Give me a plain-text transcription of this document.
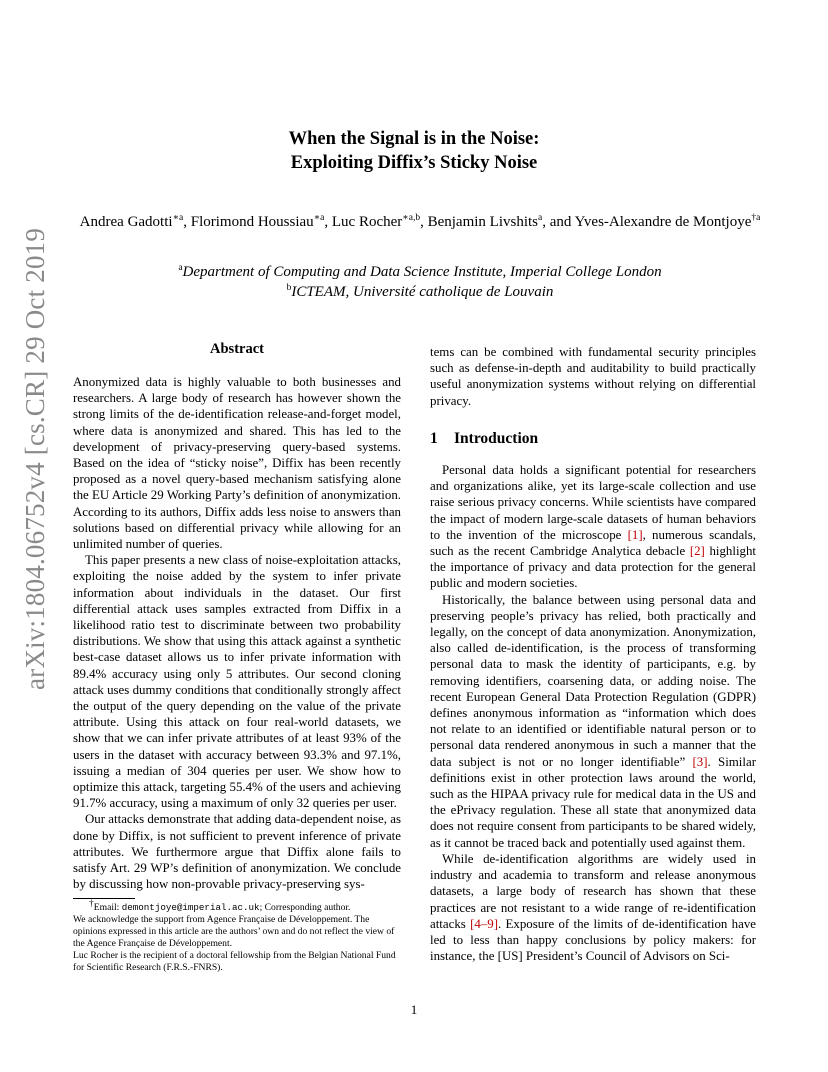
arXiv:1804.06752v4 [cs.CR] 29 Oct 2019
When the Signal is in the Noise:
Exploiting Diffix’s Sticky Noise
Andrea Gadotti$^{∗a}$, Florimond Houssiau$^{∗a}$, Luc Rocher$^{∗a,b}$, Benjamin Livshits$^a$, and Yves-Alexandre de Montjoye$^{\dagger a}$
$^a$Department of Computing and Data Science Institute, Imperial College London
$^b$ICTEAM, Université catholique de Louvain
Abstract

Anonymized data is highly valuable to both businesses and researchers. A large body of research has however shown the strong limits of the de-identification release-and-forget model, where data is anonymized and shared. This has led to the development of privacy-preserving query-based systems. Based on the idea of “sticky noise”, Diffix has been recently proposed as a novel query-based mechanism satisfying alone the EU Article 29 Working Party’s definition of anonymization. According to its authors, Diffix adds less noise to answers than solutions based on differential privacy while allowing for an unlimited number of queries.

This paper presents a new class of noise-exploitation attacks, exploiting the noise added by the system to infer private information about individuals in the dataset. Our first differential attack uses samples extracted from Diffix in a likelihood ratio test to discriminate between two probability distributions. We show that using this attack against a synthetic best-case dataset allows us to infer private information with 89.4% accuracy using only 5 attributes. Our second cloning attack uses dummy conditions that conditionally strongly affect the output of the query depending on the value of the private attribute. Using this attack on four real-world datasets, we show that we can infer private attributes of at least 93% of the users in the dataset with accuracy between 93.3% and 97.1%, issuing a median of 304 queries per user. We show how to optimize this attack, targeting 55.4% of the users and achieving 91.7% accuracy, using a maximum of only 32 queries per user.

Our attacks demonstrate that adding data-dependent noise, as done by Diffix, is not sufficient to prevent inference of private attributes. We furthermore argue that Diffix alone fails to satisfy Art. 29 WP’s definition of anonymization. We conclude by discussing how non-provable privacy-preserving sys-

tems can be combined with fundamental security principles such as defense-in-depth and auditability to build practically useful anonymization systems without relying on differential privacy.

1 Introduction

Personal data holds a significant potential for researchers and organizations alike, yet its large-scale collection and use raise serious privacy concerns. While scientists have compared the impact of modern large-scale datasets of human behaviors to the invention of the microscope [1], numerous scandals, such as the recent Cambridge Analytica debacle [2] highlight the importance of privacy and data protection for the general public and modern societies.

Historically, the balance between using personal data and preserving people’s privacy has relied, both practically and legally, on the concept of data anonymization. Anonymization, also called de-identification, is the process of transforming personal data to mask the identity of participants, e.g. by removing identifiers, coarsening data, or adding noise. The recent European General Data Protection Regulation (GDPR) defines anonymous information as “information which does not relate to an identified or identifiable natural person or to personal data rendered anonymous in such a manner that the data subject is not or no longer identifiable” [3]. Similar definitions exist in other protection laws around the world, such as the HIPAA privacy rule for medical data in the US and the ePrivacy regulation. These all state that anonymized data does not require consent from participants to be shared widely, as it cannot be traced back and potentially used against them.

While de-identification algorithms are widely used in industry and academia to transform and release anonymous datasets, a large body of research has shown that these practices are not resistant to a wide range of re-identification attacks [4–9]. Exposure of the limits of de-identification have led to less than happy conclusions by policy makers: for instance, the [US] President’s Council of Advisors on Sci-

†Email: demontjoye@imperial.ac.uk; Corresponding author.

We acknowledge the support from Agence Française de Développement. The opinions expressed in this article are the authors’ own and do not reflect the view of the Agence Française de Développement.

Luc Rocher is the recipient of a doctoral fellowship from the Belgian National Fund for Scientific Research (F.R.S.-FNRS).

1
